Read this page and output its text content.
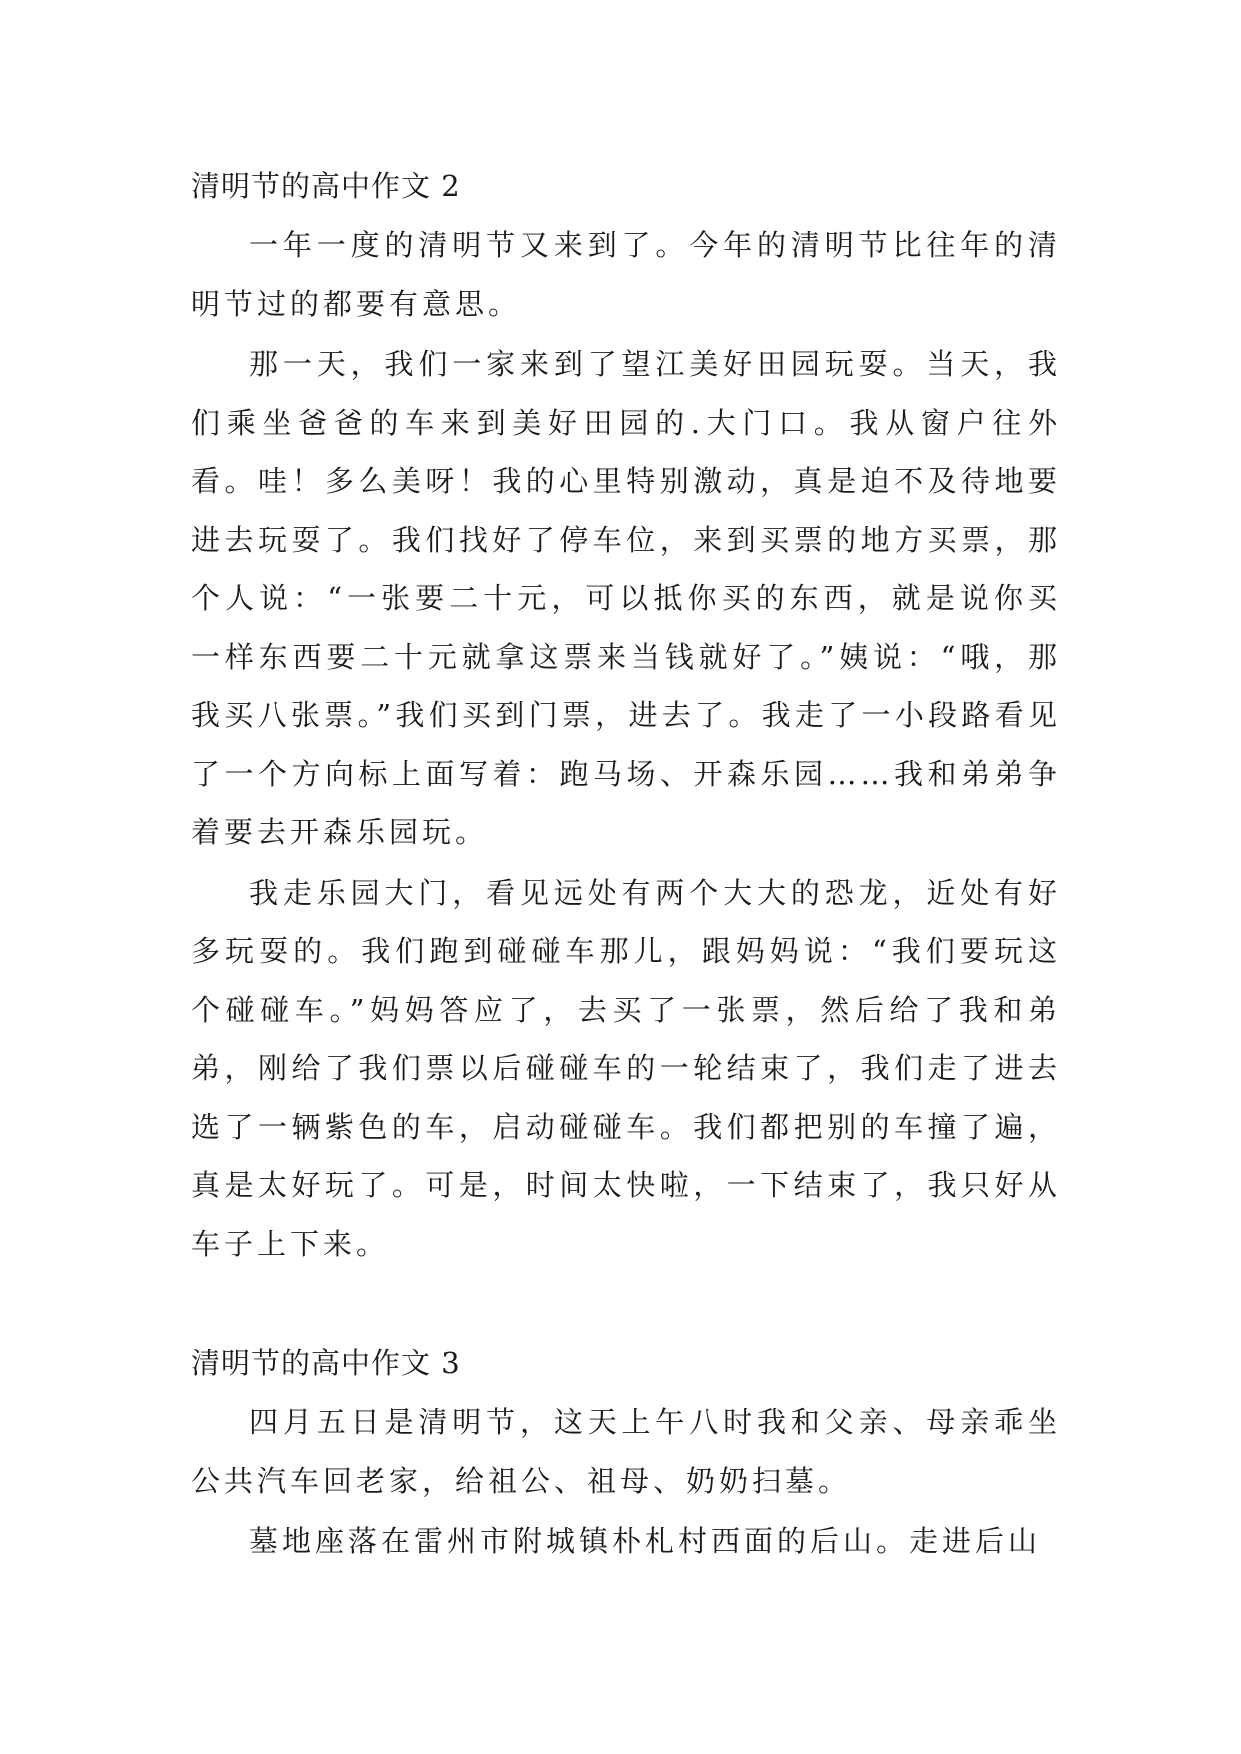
清明节的高中作文 2

一年一度的清明节又来到了。今年的清明节比往年的清明节过的都要有意思。

那一天，我们一家来到了望江美好田园玩耍。当天，我们乘坐爸爸的车来到美好田园的.大门口。我从窗户往外看。哇！多么美呀！我的心里特别激动，真是迫不及待地要进去玩耍了。我们找好了停车位，来到买票的地方买票，那个人说：“一张要二十元，可以抵你买的东西，就是说你买一样东西要二十元就拿这票来当钱就好了。”姨说：“哦，那我买八张票。”我们买到门票，进去了。我走了一小段路看见了一个方向标上面写着：跑马场、开森乐园……我和弟弟争着要去开森乐园玩。

我走乐园大门，看见远处有两个大大的恐龙，近处有好多玩耍的。我们跑到碰碰车那儿，跟妈妈说：“我们要玩这个碰碰车。”妈妈答应了，去买了一张票，然后给了我和弟弟，刚给了我们票以后碰碰车的一轮结束了，我们走了进去选了一辆紫色的车，启动碰碰车。我们都把别的车撞了遍，真是太好玩了。可是，时间太快啦，一下结束了，我只好从车子上下来。

清明节的高中作文 3

四月五日是清明节，这天上午八时我和父亲、母亲乖坐公共汽车回老家，给祖公、祖母、奶奶扫墓。

墓地座落在雷州市附城镇朴札村西面的后山。走进后山
